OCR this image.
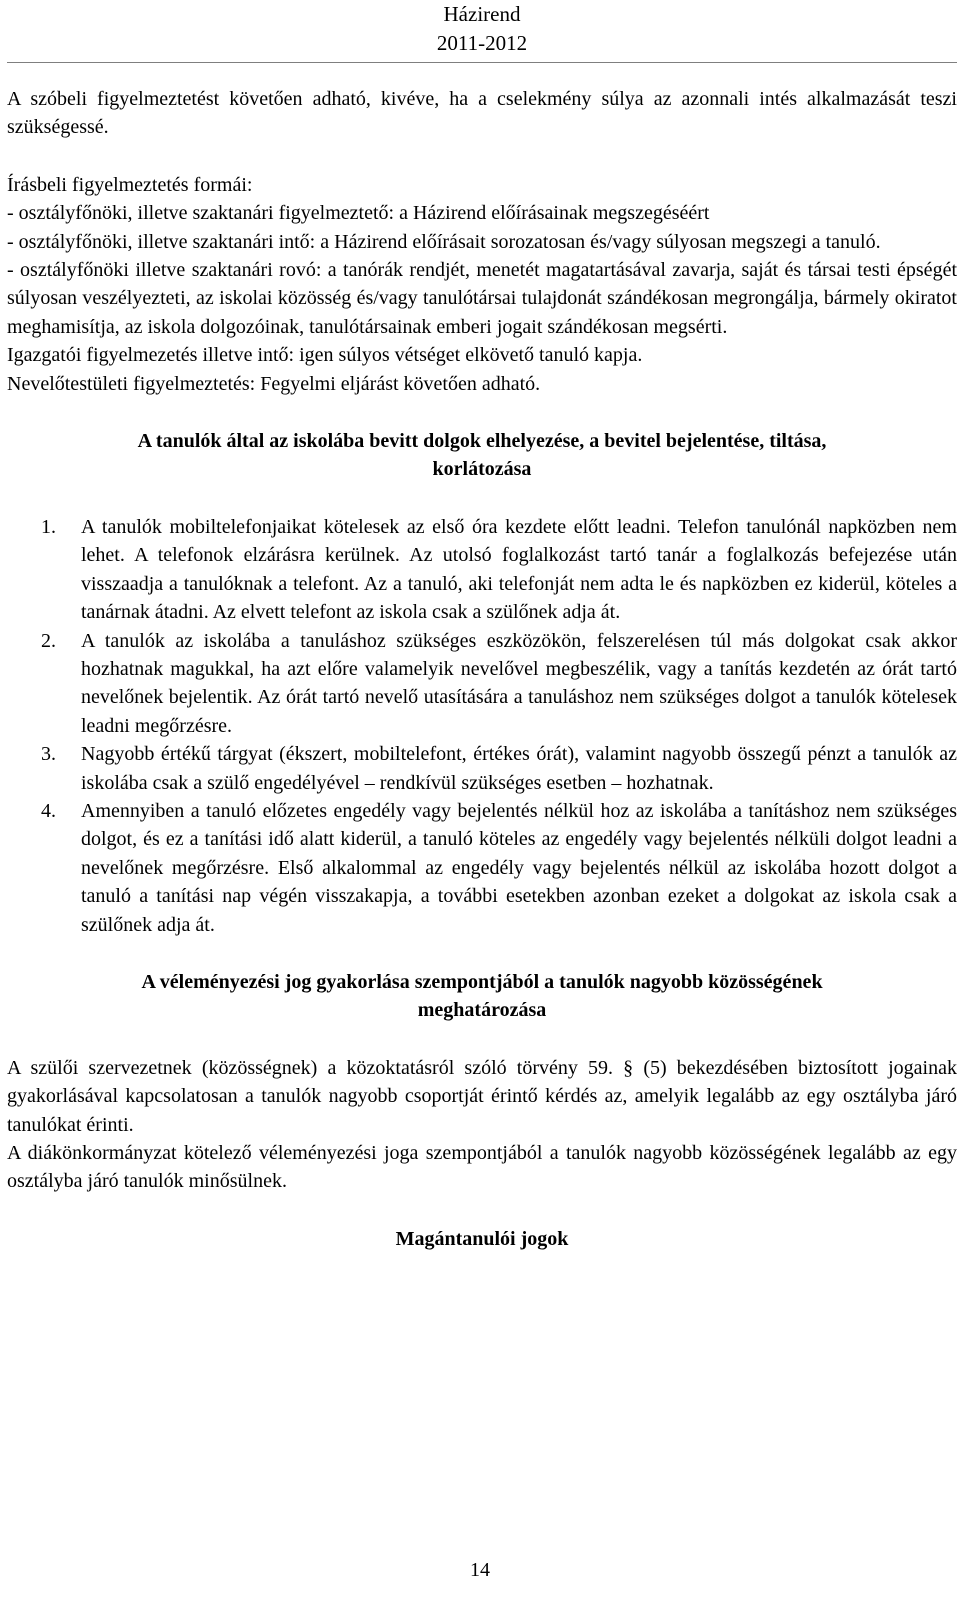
Házirend
2011-2012

A szóbeli figyelmeztetést követően adható, kivéve, ha a cselekmény súlya az azonnali intés alkalmazását teszi szükségessé.

Írásbeli figyelmeztetés formái:

- osztályfőnöki, illetve szaktanári figyelmeztető: a Házirend előírásainak megszegéséért

- osztályfőnöki, illetve szaktanári intő: a Házirend előírásait sorozatosan és/vagy súlyosan megszegi a tanuló.

- osztályfőnöki illetve szaktanári rovó: a tanórák rendjét, menetét magatartásával zavarja, saját és társai testi épségét súlyosan veszélyezteti, az iskolai közösség és/vagy tanulótársai tulajdonát szándékosan megrongálja, bármely okiratot meghamisítja, az iskola dolgozóinak, tanulótársainak emberi jogait szándékosan megsérti.

Igazgatói figyelmezetés illetve intő: igen súlyos vétséget elkövető tanuló kapja.

Nevelőtestületi figyelmeztetés: Fegyelmi eljárást követően adható.

A tanulók által az iskolába bevitt dolgok elhelyezése, a bevitel bejelentése, tiltása,
korlátozása
1. A tanulók mobiltelefonjaikat kötelesek az első óra kezdete előtt leadni. Telefon tanulónál napközben nem lehet. A telefonok elzárásra kerülnek. Az utolsó foglalkozást tartó tanár a foglalkozás befejezése után visszaadja a tanulóknak a telefont. Az a tanuló, aki telefonját nem adta le és napközben ez kiderül, köteles a tanárnak átadni. Az elvett telefont az iskola csak a szülőnek adja át.
2. A tanulók az iskolába a tanuláshoz szükséges eszközökön, felszerelésen túl más dolgokat csak akkor hozhatnak magukkal, ha azt előre valamelyik nevelővel megbeszélik, vagy a tanítás kezdetén az órát tartó nevelőnek bejelentik. Az órát tartó nevelő utasítására a tanuláshoz nem szükséges dolgot a tanulók kötelesek leadni megőrzésre.
3. Nagyobb értékű tárgyat (ékszert, mobiltelefont, értékes órát), valamint nagyobb összegű pénzt a tanulók az iskolába csak a szülő engedélyével – rendkívül szükséges esetben – hozhatnak.
4. Amennyiben a tanuló előzetes engedély vagy bejelentés nélkül hoz az iskolába a tanításhoz nem szükséges dolgot, és ez a tanítási idő alatt kiderül, a tanuló köteles az engedély vagy bejelentés nélküli dolgot leadni a nevelőnek megőrzésre. Első alkalommal az engedély vagy bejelentés nélkül az iskolába hozott dolgot a tanuló a tanítási nap végén visszakapja, a további esetekben azonban ezeket a dolgokat az iskola csak a szülőnek adja át.
A véleményezési jog gyakorlása szempontjából a tanulók nagyobb közösségének
meghatározása

A szülői szervezetnek (közösségnek) a közoktatásról szóló törvény 59. § (5) bekezdésében biztosított jogainak gyakorlásával kapcsolatosan a tanulók nagyobb csoportját érintő kérdés az, amelyik legalább az egy osztályba járó tanulókat érinti.

A diákönkormányzat kötelező véleményezési joga szempontjából a tanulók nagyobb közösségének legalább az egy osztályba járó tanulók minősülnek.

Magántanulói jogok
14
